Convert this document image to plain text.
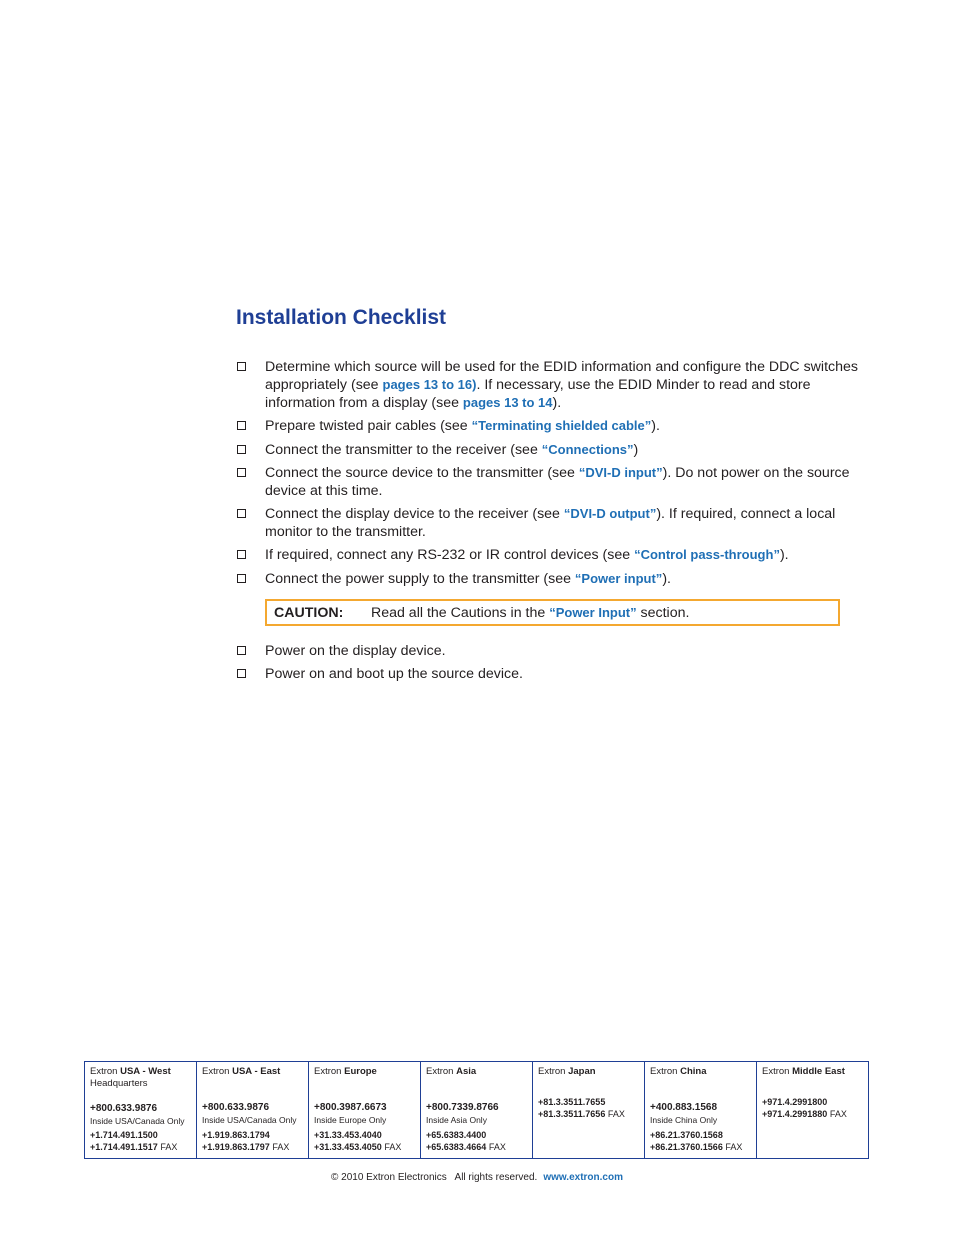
Installation Checklist
Determine which source will be used for the EDID information and configure the DDC switches appropriately (see pages 13 to 16). If necessary, use the EDID Minder to read and store information from a display (see pages 13 to 14).
Prepare twisted pair cables (see “Terminating shielded cable”).
Connect the transmitter to the receiver (see “Connections”)
Connect the source device to the transmitter (see “DVI-D input”). Do not power on the source device at this time.
Connect the display device to the receiver (see “DVI-D output”). If required, connect a local monitor to the transmitter.
If required, connect any RS-232 or IR control devices (see “Control pass-through”).
Connect the power supply to the transmitter (see “Power input”).
CAUTION: Read all the Cautions in the “Power Input” section.
Power on the display device.
Power on and boot up the source device.
Extron USA - West
Headquarters
+800.633.9876
Inside USA/Canada Only
+1.714.491.1500
+1.714.491.1517 FAX
Extron USA - East
+800.633.9876
Inside USA/Canada Only
+1.919.863.1794
+1.919.863.1797 FAX
Extron Europe
+800.3987.6673
Inside Europe Only
+31.33.453.4040
+31.33.453.4050 FAX
Extron Asia
+800.7339.8766
Inside Asia Only
+65.6383.4400
+65.6383.4664 FAX
Extron Japan
+81.3.3511.7655
+81.3.3511.7656 FAX
Extron China
+400.883.1568
Inside China Only
+86.21.3760.1568
+86.21.3760.1566 FAX
Extron Middle East
+971.4.2991800
+971.4.2991880 FAX
© 2010 Extron Electronics   All rights reserved. www.extron.com
